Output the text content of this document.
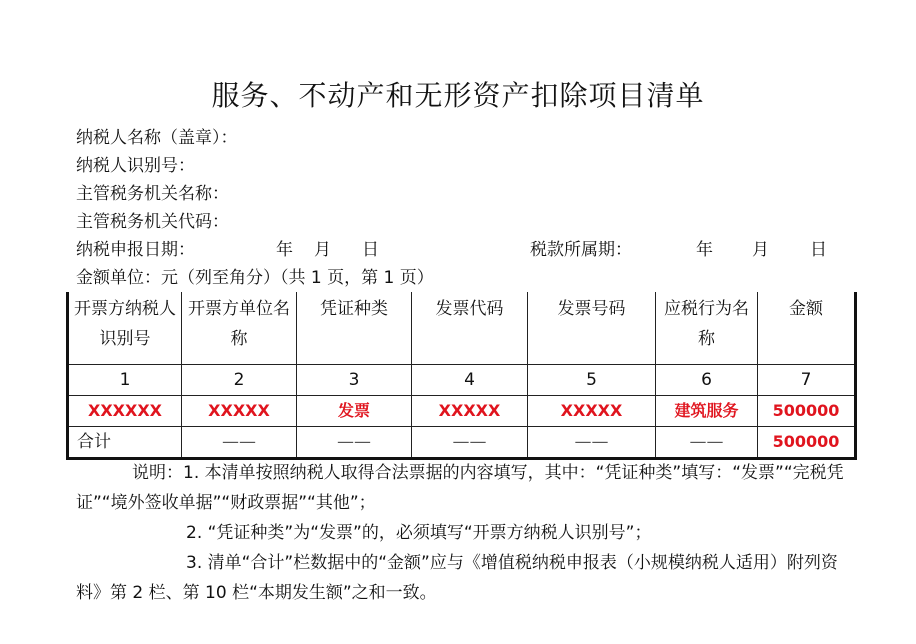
服务、不动产和无形资产扣除项目清单
纳税人名称（盖章）：
纳税人识别号：
主管税务机关名称：
主管税务机关代码：
纳税申报日期：	年 月 日	税款所属期：	年 月 日
金额单位：元（列至角分）（共 1 页，第 1 页）
开票方纳税人识别号	开票方单位名称	凭证种类	发票代码	发票号码	应税行为名称	金额
1	2	3	4	5	6	7
XXXXXX	XXXXX	发票	XXXXX	XXXXX	建筑服务	500000
合计	——	——	——	——	——	500000

说明：1. 本清单按照纳税人取得合法票据的内容填写，其中：“凭证种类”填写：“发票”“完税凭证”“境外签收单据”“财政票据”“其他”；

2. “凭证种类”为“发票”的，必须填写“开票方纳税人识别号”；

3. 清单“合计”栏数据中的“金额”应与《增值税纳税申报表（小规模纳税人适用）附列资料》第 2 栏、第 10 栏“本期发生额”之和一致。
